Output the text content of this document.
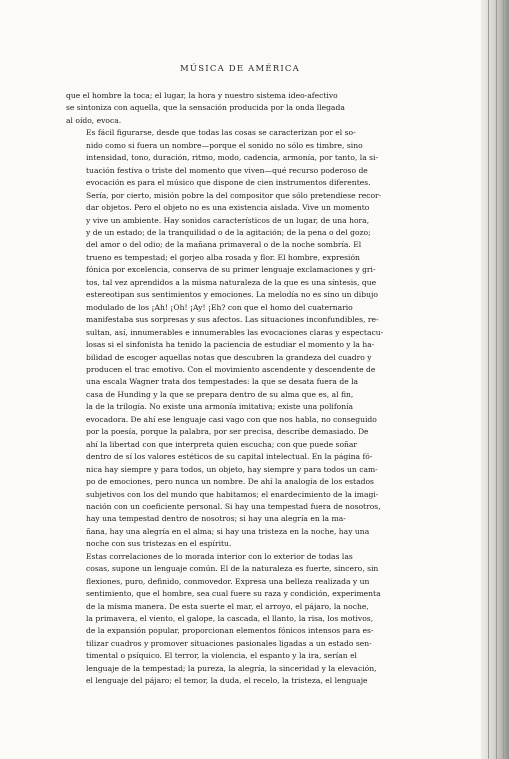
MÚSICA DE AMÉRICA

que el hombre la toca; el lugar, la hora y nuestro sistema ideo-afectivo
se sintoniza con aquella, que la sensación producida por la onda llegada
al oído, evoca.

Es fácil figurarse, desde que todas las cosas se caracterizan por el so-
nido como si fuera un nombre—porque el sonido no sólo es timbre, sino
intensidad, tono, duración, ritmo, modo, cadencia, armonía, por tanto, la si-
tuación festiva o triste del momento que viven—qué recurso poderoso de
evocación es para el músico que dispone de cien instrumentos diferentes.
Sería, por cierto, misión pobre la del compositor que sólo pretendiese recor-
dar objetos. Pero el objeto no es una existencia aislada. Vive un momento
y vive un ambiente. Hay sonidos característicos de un lugar, de una hora,
y de un estado; de la tranquilidad o de la agitación; de la pena o del gozo;
del amor o del odio; de la mañana primaveral o de la noche sombría. El
trueno es tempestad; el gorjeo alba rosada y flor. El hombre, expresión
fónica por excelencia, conserva de su primer lenguaje exclamaciones y gri-
tos, tal vez aprendidos a la misma naturaleza de la que es una síntesis, que
estereotipan sus sentimientos y emociones. La melodía no es sino un dibujo
modulado de los ¡Ah! ¡Oh! ¡Ay! ¡Eh? con que el homo del cuaternario
manifestaba sus sorpresas y sus afectos. Las situaciones inconfundibles, re-
sultan, así, innumerables e innumerables las evocaciones claras y espectacu-
losas si el sinfonista ha tenido la paciencia de estudiar el momento y la ha-
bilidad de escoger aquellas notas que descubren la grandeza del cuadro y
producen el trac emotivo. Con el movimiento ascendente y descendente de
una escala Wagner trata dos tempestades: la que se desata fuera de la
casa de Hunding y la que se prepara dentro de su alma que es, al fin,
la de la trilogía. No existe una armonía imitativa; existe una polifonía
evocadora. De ahí ese lenguaje casi vago con que nos habla, no conseguido
por la poesía, porque la palabra, por ser precisa, describe demasiado. De
ahí la libertad con que interpreta quien escucha; con que puede soñar
dentro de sí los valores estéticos de su capital intelectual. En la página fó-
nica hay siempre y para todos, un objeto, hay siempre y para todos un cam-
po de emociones, pero nunca un nombre. De ahí la analogía de los estados
subjetivos con los del mundo que habitamos; el enardecimiento de la imagi-
nación con un coeficiente personal. Si hay una tempestad fuera de nosotros,
hay una tempestad dentro de nosotros; si hay una alegría en la ma-
ñana, hay una alegría en el alma; si hay una tristeza en la noche, hay una
noche con sus tristezas en el espíritu.

Estas correlaciones de lo morada interior con lo exterior de todas las
cosas, supone un lenguaje común. El de la naturaleza es fuerte, sincero, sin
flexiones, puro, definido, conmovedor. Expresa una belleza realizada y un
sentimiento, que el hombre, sea cual fuere su raza y condición, experimenta
de la misma manera. De esta suerte el mar, el arroyo, el pájaro, la noche,
la primavera, el viento, el galope, la cascada, el llanto, la risa, los motivos,
de la expansión popular, proporcionan elementos fónicos intensos para es-
tilizar cuadros y promover situaciones pasionales ligadas a un estado sen-
timental o psíquico. El terror, la violencia, el espanto y la ira, serían el
lenguaje de la tempestad; la pureza, la alegría, la sinceridad y la elevación,
el lenguaje del pájaro; el temor, la duda, el recelo, la tristeza, el lenguaje
